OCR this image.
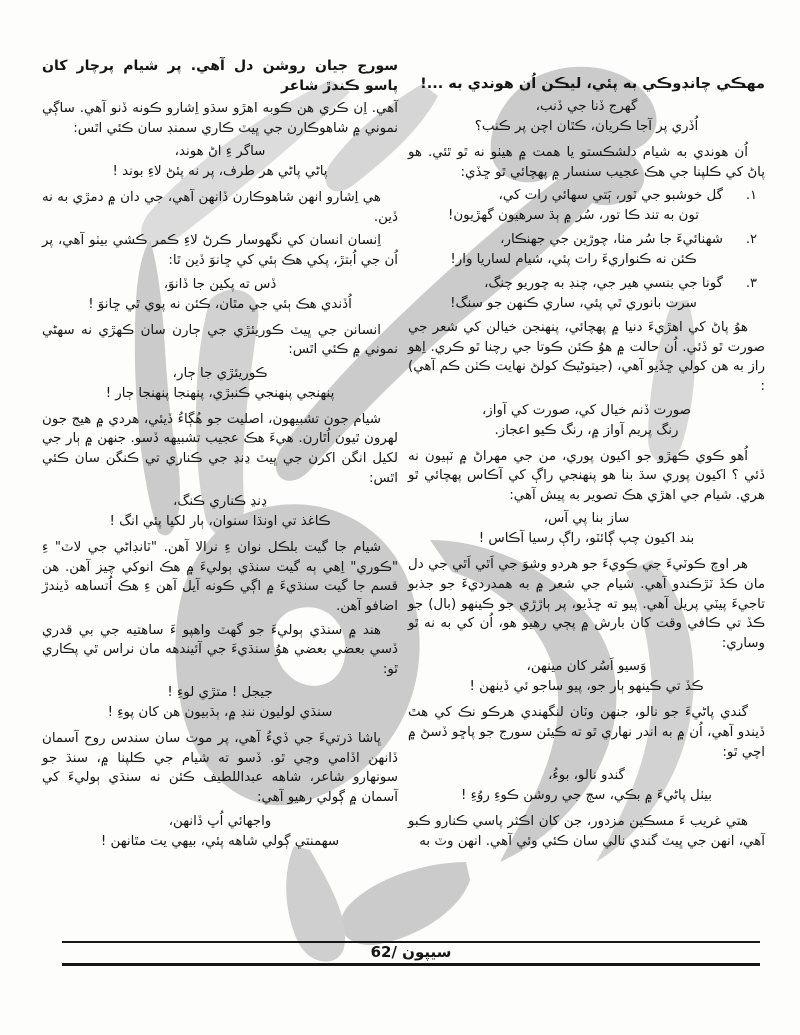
مهڪي چانڊوڪي به پئي، ليڪن اُن هوندي به ...!
گهرج ڏنا جي ڏنب،
اُڏري پر آجا ڪريان، ڪٿان اچن پر ڪنب؟

اُن هوندي به شيام دلشڪستو يا همت ۾ هيٺو نه ٿو ٿئي. هو پاڻ کي ڪلپنا جي هڪ عجيب سنسار ۾ پهچائي ٿو ڇڏي:

۱.
گل خوشبو جي ٽور، ٻَتي سهائي رات کي،
تون به تند ڪا تور، سُر ۾ ٻڌ سرهيون گهڙيون!
۲.
شهنائيءَ جا سُر مٺا، چوڙين جي جهنڪار،
ڪئن نه ڪنواريءَ رات پئي، شيام لساريا وار!
۳.
گونا جي بنسي هير جي، چنڊ به چوريو چنگ،
سرت بانوري ٿي پئي، ساري ڪنهن جو سنگ!

هوُ پاڻ کي اهڙيءَ دنيا ۾ پهچائي، پنهنجن خيالن کي شعر جي صورت ٿو ڏئي. اُن حالت ۾ هوُ ڪئن ڪوتا جي رچنا ٿو ڪري. اِهو راز به هن کولي ڇڏيو آهي، (جيتوڻيڪ کولڻ نهايت ڪٺن ڪم آهي) :

صورت ڏنم خيال کي، صورت کي آواز،
رنگ پريم آواز ۾، رنگ ڪيو اعجاز.

اُهو ڪوي ڪهڙو جو اکيون پوري، من جي مهراڻ ۾ ٽٻيون نه ڏئي ؟ اکيون پوري سڌ بنا هو پنهنجي راڳ کي آڪاس پهچائي ٿو هري. شيام جي اهڙي هڪ تصوير به پيش آهي:

ساز بنا پي آس،
بند اکيون چپ ڳائٽو، راڳ رسيا آڪاس !

هر اوچ ڪوٽيءَ جي ڪويءَ جو هردو وشوَ جي اَٿي اَٿي جي دل مان ڪڏ ٽڙڪندو آهي. شيام جي شعر ۾ به همدرديءَ جو جذبو تاجيءَ پيٽي پريل آهي. پيو ته ڇڏيو، پر ٻاڙڙي جو ڪينهو (بال) جو ڪڏ تي ڪافي وقت کان بارش ۾ پڄي رهيو هو، اُن کي به نه ٿو وساري:

وَسيو اَسُر کان مينهن،
ڪڏ تي ڪينهو ٻار جو، پيو ساجو ئي ڏينهن !

گندي پاڻيءَ جو نالو، جنهن وٽان لنگهندي هرڪو نڪ کي هٿ ڏيندو آهي، اُن ۾ به اندر نهاري ٿو ته ڪيئن سورج جو پاڇو ڏسڻ ۾ اچي ٿو:

گندو نالو، بوءُ،
بيٺل پاڻيءَ ۾ بڪي، سڄ جي روشن ڪوءِ روُءِ !

هتي غريب ءَ مسڪين مزدور، جن کان اڪثر پاسي ڪنارو ڪبو آهي، انهن جي ڀيٽ گندي نالي سان ڪئي وئي آهي. انهن وٽ به

سورج جيان روشن دل آهي. پر شيام پرچار کان پاسو ڪندڙ شاعر

آهي. اِن ڪري هن ڪوبه اهڙو سڌو اِشارو ڪونه ڏنو آهي. ساڳي نموني ۾ شاهوڪارن جي ڀيٽ ڪاري سمنڊ سان ڪئي اٿس:

ساگر ءِ اڻ هوند،
پاڻي پاڻي هر طرف، پر نه پئڻ لاءِ بوند !

هي اِشارو انهن شاهوڪارن ڏانهن آهي، جي دان ۾ دمڙي به نه ڏين.

اِنسان انسان کي نگهوسار ڪرڻ لاءِ ڪمر ڪشي بيٺو آهي، پر اُن جي اُبتڙ، پکي هڪ ٻئي کي ڇانوَ ڏين ٿا:

ڏس ته پکين جا ڏانوَ،
اُڏندي هڪ ٻئي جي مٿان، ڪئن نه پوي ٿي ڇانوَ !

انسانن جي ڀيٽ ڪوريئڙي جي ڄارن سان ڪهڙي نه سهڻي نموني ۾ ڪئي اٿس:

ڪوريئڙي جا ڄار،
پنهنجي پنهنجي ڪنبڙي، پنهنجا پنهنجا ڄار !

شيام جون تشبيهون، اصليت جو هُڳاءُ ڏيئي، هردي ۾ هيج جون لهرون ٿيون اُٿارن. هيءَ هڪ عجيب تشبيهه ڏسو. جنهن ۾ ٻار جي لکيل انگن اکرن جي ڀيٽ ڍنڍ جي ڪناري تي ڪنگن سان ڪئي اٿس:

ڍنڍ ڪناري ڪنگ،
ڪاغذ تي اونڌا سنوان، ٻار لکيا پئي انگ !

شيام جا گيت بلڪل نوان ءِ نرالا آهن. "ٽانڊاڻي جي لاٽ" ءِ "ڪوري" اِهي ٻه گيت سنڌي ٻوليءَ ۾ هڪ انوکي چيز آهن. هن قسم جا گيت سنڌيءَ ۾ اڳي ڪونه آيل آهن ءِ هڪ اُتساهه ڏيندڙ اضافو آهن.

هند ۾ سنڌي ٻوليءَ جو گهٽ واهپو ءَ ساهتيه جي بي قدري ڏسي بعضي بعضي هوُ سنڌيءَ جي آئيندهه مان نراس ٿي پڪاري ٿو:

جيجل ! متڙي لوءِ !
سنڌي لوليون ننڊ ۾، ٻڌبيون هن کان پوءِ !

ڀاشا ڌرتيءَ جي ڏيءُ آهي، پر موت سان سندس روح آسمان ڏانهن اڏامي وڃي ٿو. ڏسو ته شيام جي ڪلپنا ۾، سنڌ جو سونهارو شاعر، شاهه عبداللطيف ڪئن نه سنڌي ٻوليءَ کي آسمان ۾ ڳولي رهيو آهي:

واجهائي اُڀ ڏانهن،
سهمنتي ڳولي شاهه پئي، بيهي يت مٿانهن !
سيپون /62
